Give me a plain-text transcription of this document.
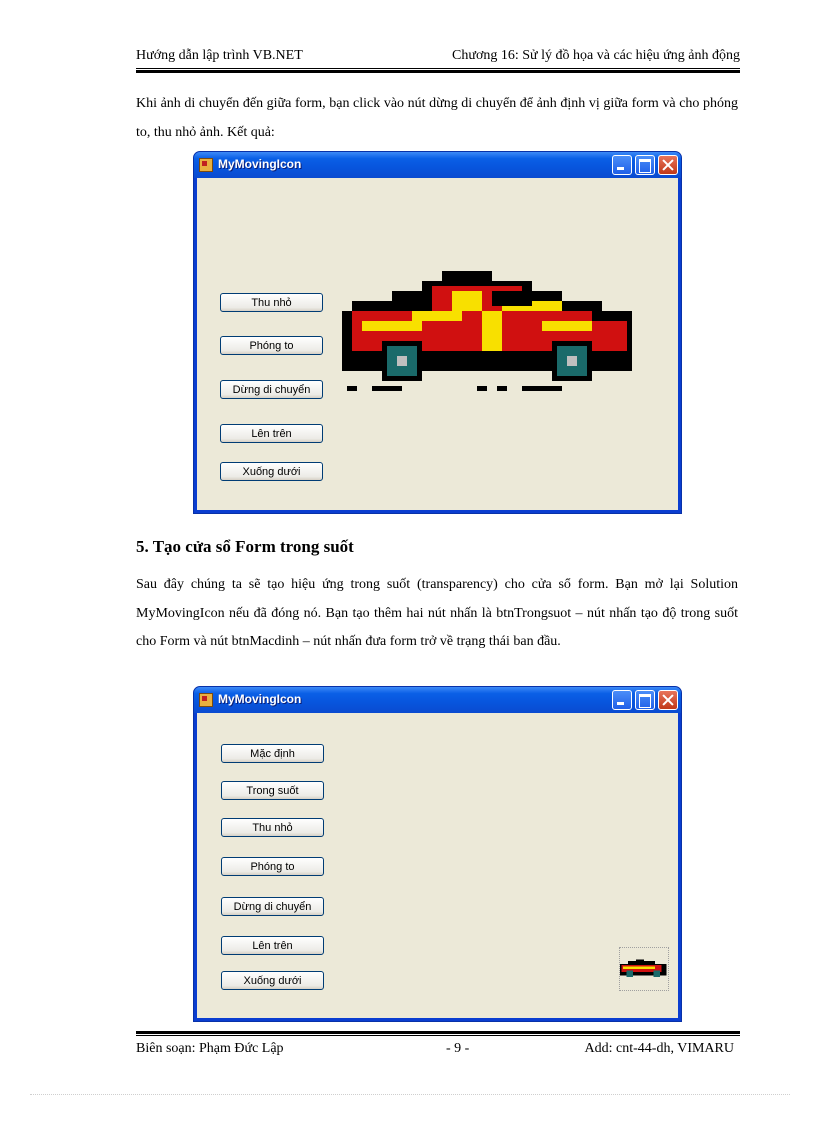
Hướng dẫn lập trình VB.NET	Chương 16: Sử lý đồ họa và các hiệu ứng ảnh động

Khi ảnh di chuyển đến giữa form, bạn click vào nút dừng di chuyển để ảnh định vị giữa form và cho phóng to, thu nhỏ ảnh. Kết quả:

MyMovingIcon
Thu nhỏ
Phóng to
Dừng di chuyển
Lên trên
Xuống dưới
5. Tạo cửa sổ Form trong suốt

Sau đây chúng ta sẽ tạo hiệu ứng trong suốt (transparency) cho cửa sổ form. Bạn mở lại Solution MyMovingIcon nếu đã đóng nó. Bạn tạo thêm hai nút nhấn là btnTrongsuot – nút nhấn tạo độ trong suốt cho Form và nút btnMacdinh – nút nhấn đưa form trở về trạng thái ban đầu.

MyMovingIcon
Mặc định
Trong suốt
Thu nhỏ
Phóng to
Dừng di chuyển
Lên trên
Xuống dưới
Biên soạn: Phạm Đức Lập	- 9 -	Add: cnt-44-dh, VIMARU
